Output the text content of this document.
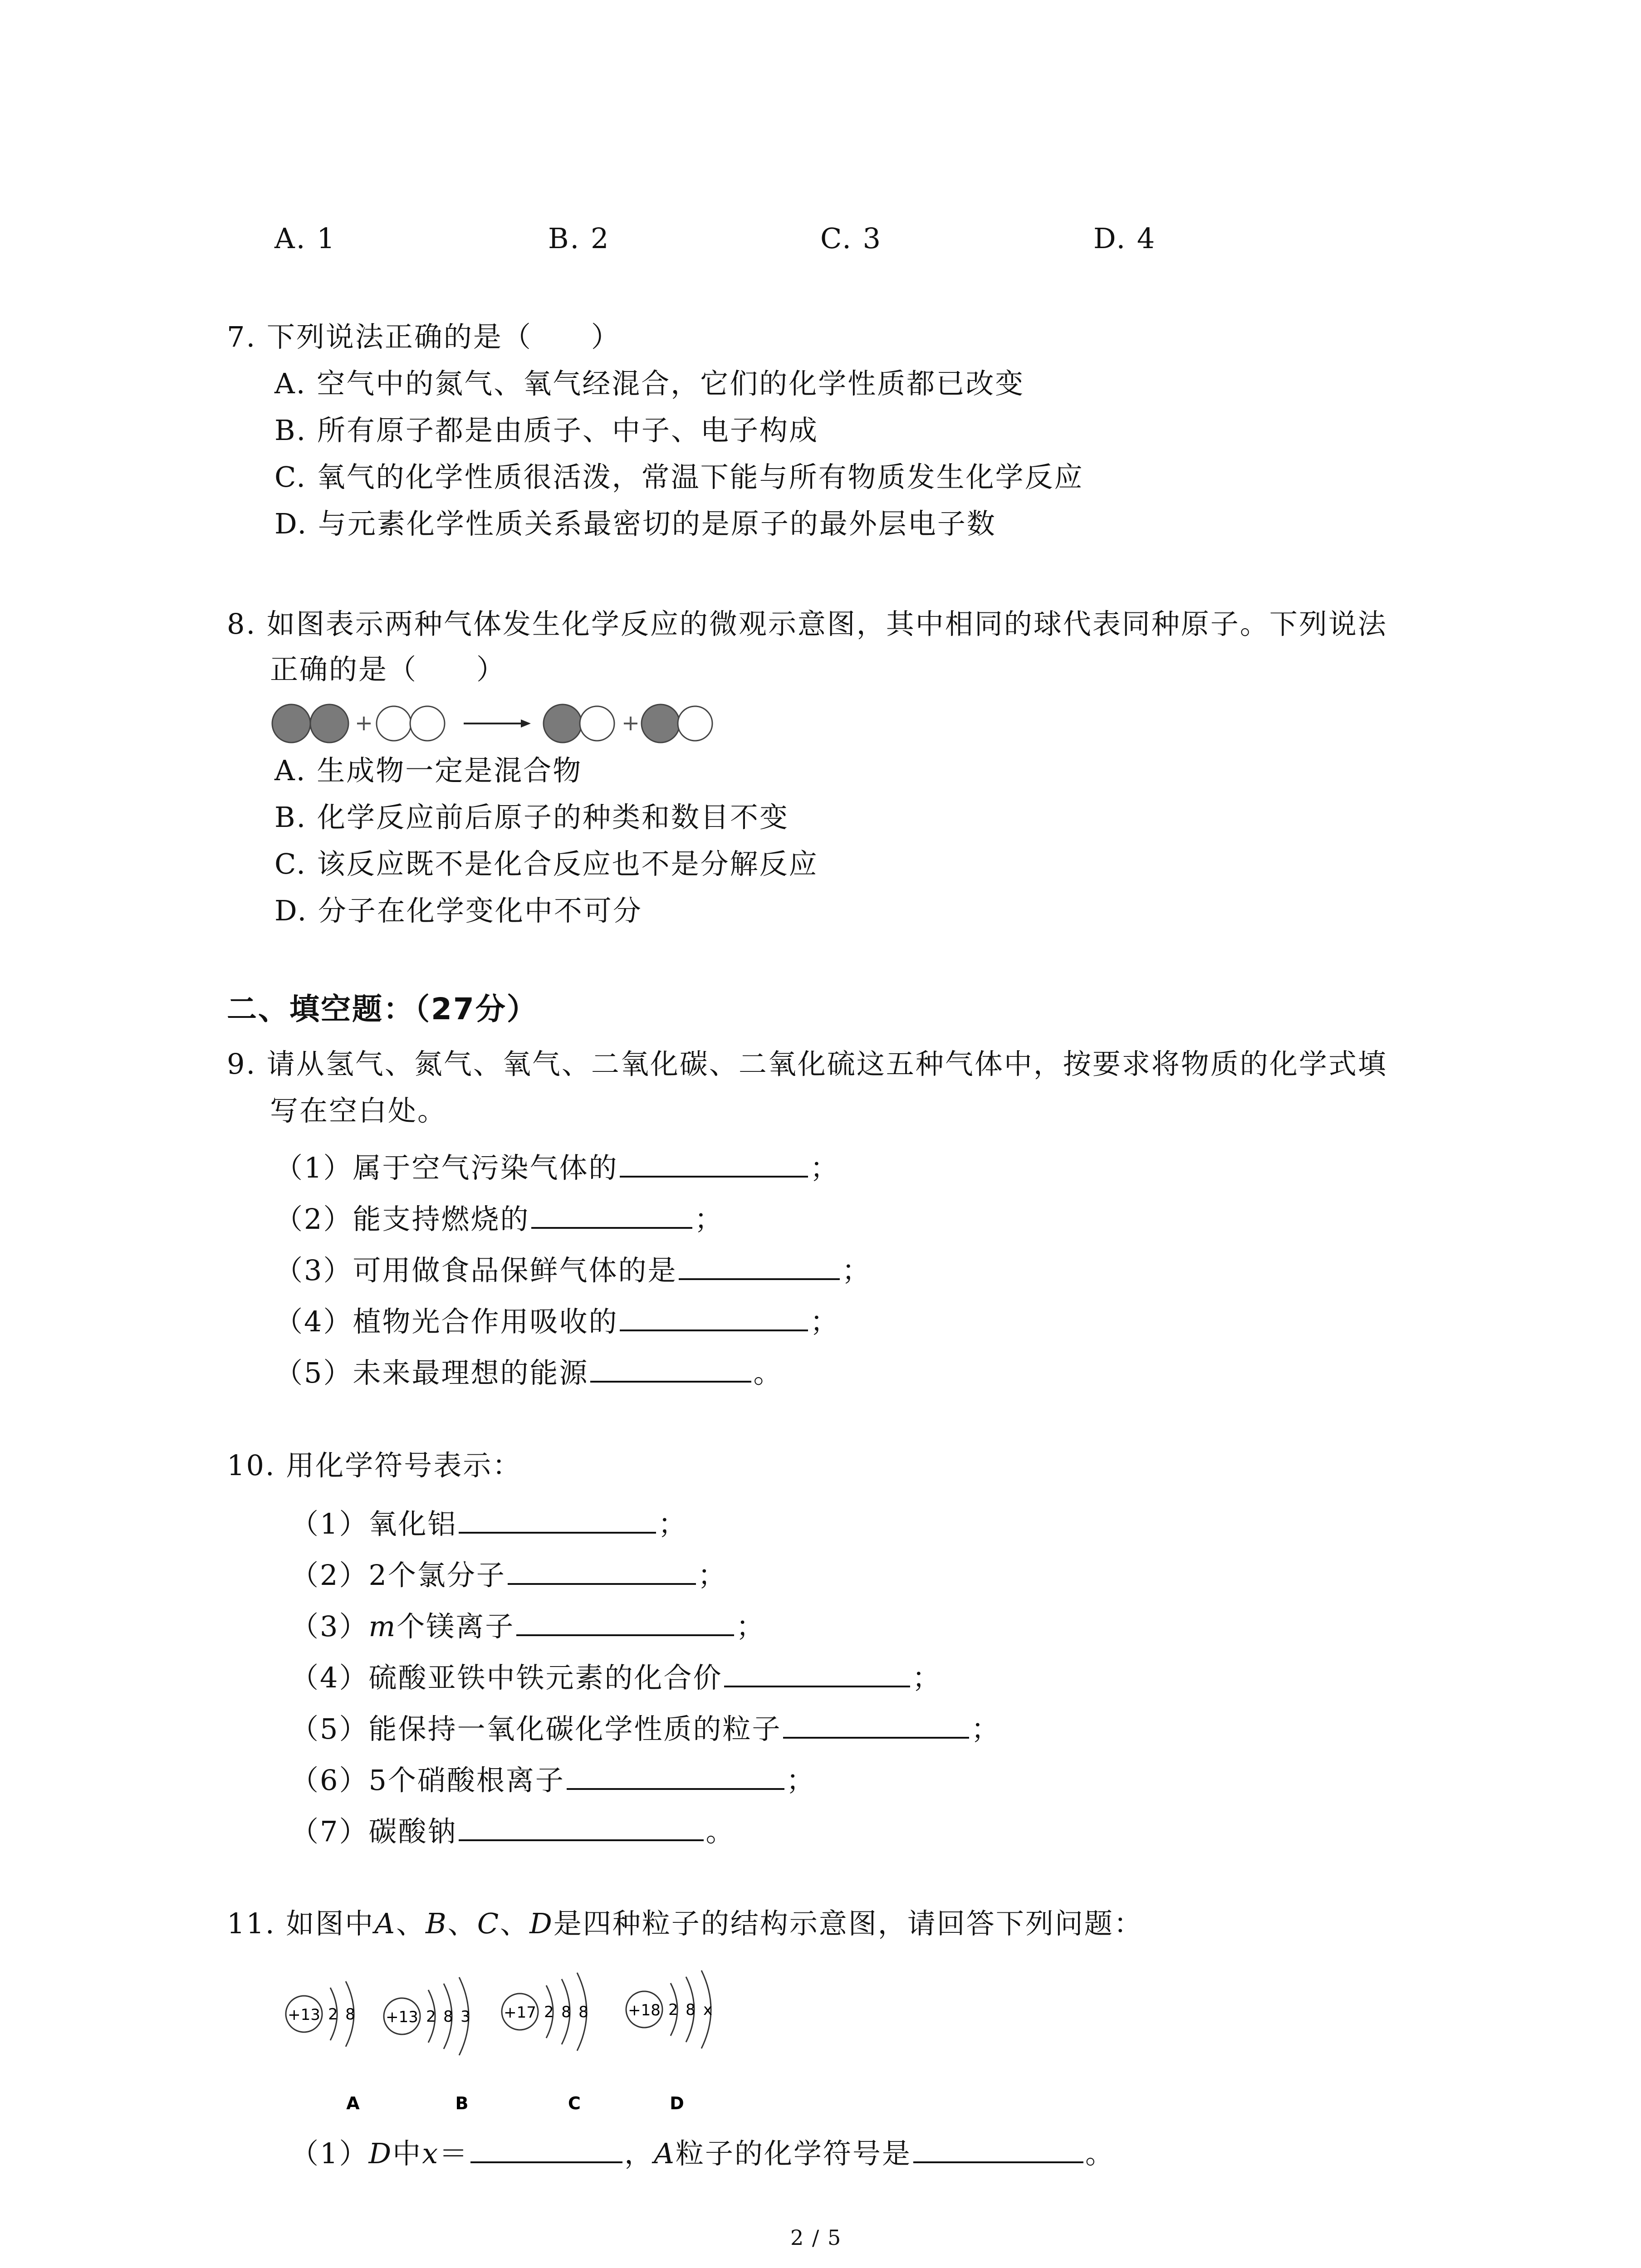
A. 1	B. 2	C. 3	D. 4
7. 下列说法正确的是（　　）
A. 空气中的氮气、氧气经混合，它们的化学性质都已改变
B. 所有原子都是由质子、中子、电子构成
C. 氧气的化学性质很活泼，常温下能与所有物质发生化学反应
D. 与元素化学性质关系最密切的是原子的最外层电子数
8. 如图表示两种气体发生化学反应的微观示意图，其中相同的球代表同种原子。下列说法
正确的是（　　）
+	+
A. 生成物一定是混合物
B. 化学反应前后原子的种类和数目不变
C. 该反应既不是化合反应也不是分解反应
D. 分子在化学变化中不可分
二、填空题：（27分）
9. 请从氢气、氮气、氧气、二氧化碳、二氧化硫这五种气体中，按要求将物质的化学式填
写在空白处。
（1）属于空气污染气体的	；
（2）能支持燃烧的	；
（3）可用做食品保鲜气体的是	；
（4）植物光合作用吸收的	；
（5）未来最理想的能源	。
10. 用化学符号表示：
（1）氧化铝	；
（2）2个氯分子	；
（3）m个镁离子	；
（4）硫酸亚铁中铁元素的化合价	；
（5）能保持一氧化碳化学性质的粒子	；
（6）5个硝酸根离子	；
（7）碳酸钠	。
11. 如图中A、B、C、D是四种粒子的结构示意图，请回答下列问题：
+13 2 8
A
+13 2 8 3
B
+17 2 8 8
C
+18 2 8 x
D
（1）D中x＝	，A粒子的化学符号是	。
2 / 5
